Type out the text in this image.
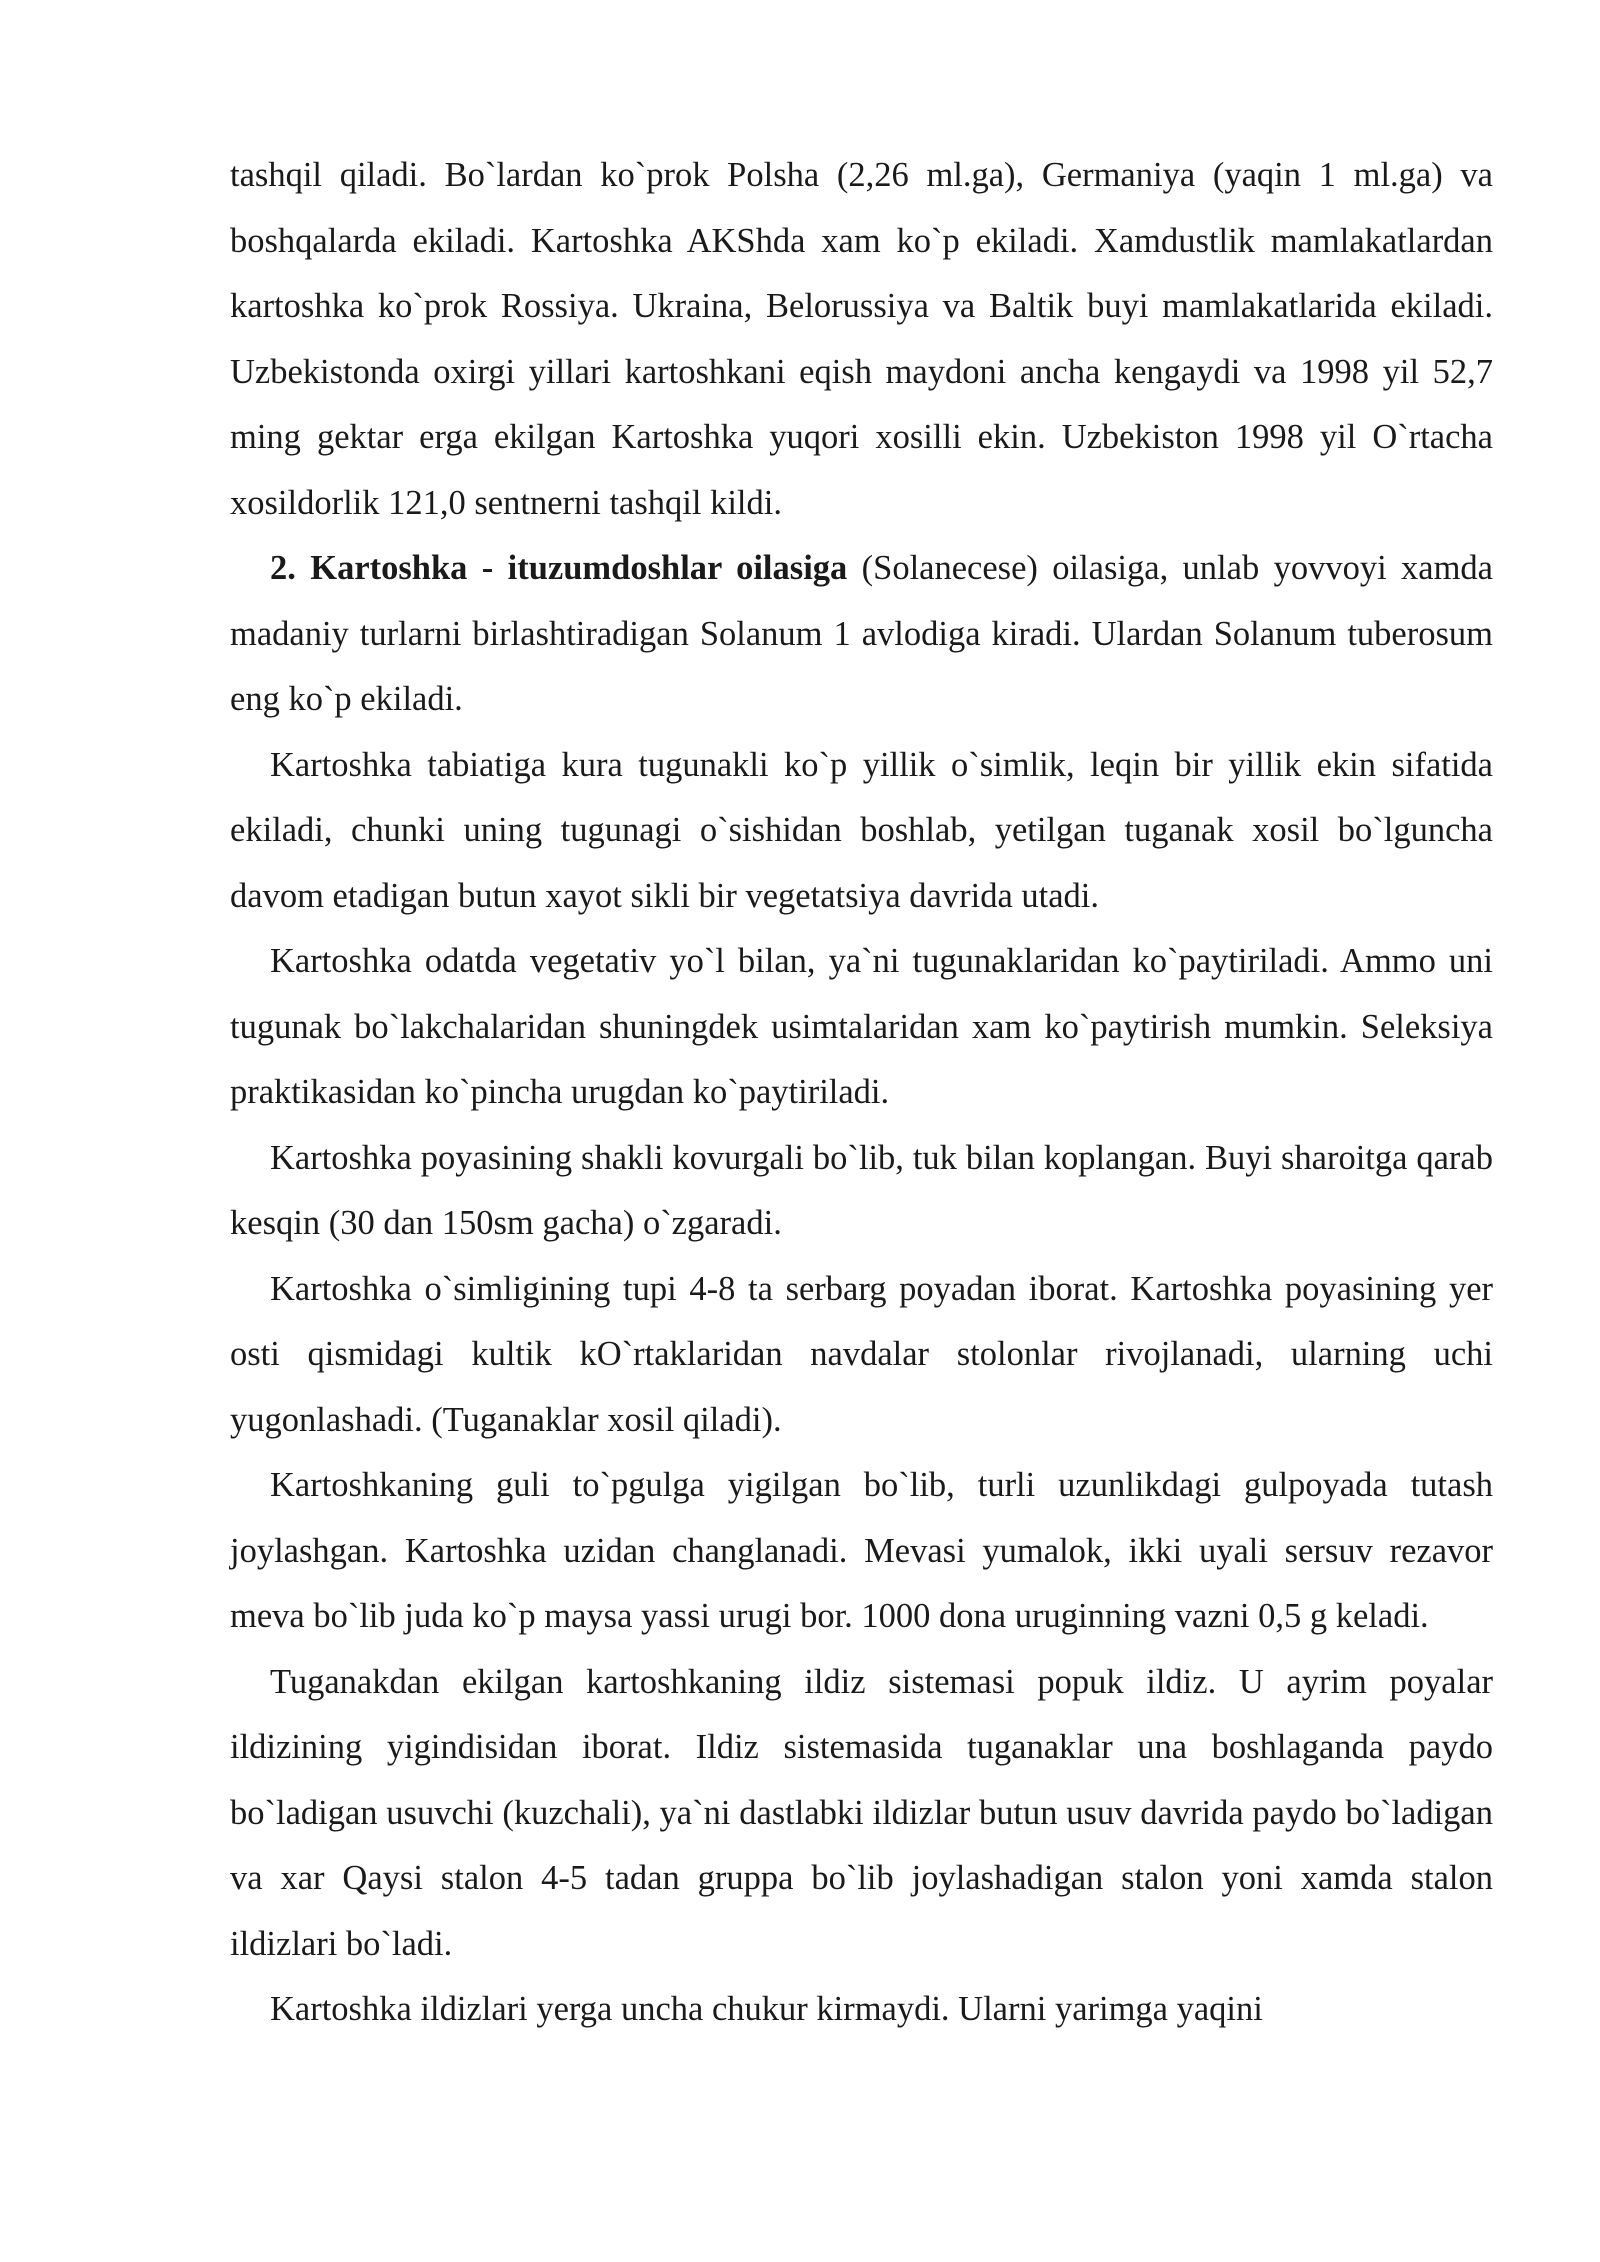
tashqil qiladi. Bo`lardan ko`prok Polsha (2,26 ml.ga), Germaniya (yaqin 1 ml.ga) va boshqalarda ekiladi. Kartoshka AKShda xam ko`p ekiladi. Xamdustlik mamlakatlardan kartoshka ko`prok Rossiya. Ukraina, Belorussiya va Baltik buyi mamlakatlarida ekiladi. Uzbekistonda oxirgi yillari kartoshkani eqish maydoni ancha kengaydi va 1998 yil 52,7 ming gektar erga ekilgan Kartoshka yuqori xosilli ekin. Uzbekiston 1998 yil O`rtacha xosildorlik 121,0 sentnerni tashqil kildi.

2. Kartoshka - ituzumdoshlar oilasiga (Solanecese) oilasiga, unlab yovvoyi xamda madaniy turlarni birlashtiradigan Solanum 1 avlodiga kiradi. Ulardan Solanum tuberosum eng ko`p ekiladi.

Kartoshka tabiatiga kura tugunakli ko`p yillik o`simlik, leqin bir yillik ekin sifatida ekiladi, chunki uning tugunagi o`sishidan boshlab, yetilgan tuganak xosil bo`lguncha davom etadigan butun xayot sikli bir vegetatsiya davrida utadi.

Kartoshka odatda vegetativ yo`l bilan, ya`ni tugunaklaridan ko`paytiriladi. Ammo uni tugunak bo`lakchalaridan shuningdek usimtalaridan xam ko`paytirish mumkin. Seleksiya praktikasidan ko`pincha urugdan ko`paytiriladi.

Kartoshka poyasining shakli kovurgali bo`lib, tuk bilan koplangan. Buyi sharoitga qarab kesqin (30 dan 150sm gacha) o`zgaradi.

Kartoshka o`simligining tupi 4-8 ta serbarg poyadan iborat. Kartoshka poyasining yer osti qismidagi kultik kO`rtaklaridan navdalar stolonlar rivojlanadi, ularning uchi yugonlashadi. (Tuganaklar xosil qiladi).

Kartoshkaning guli to`pgulga yigilgan bo`lib, turli uzunlikdagi gulpoyada tutash joylashgan. Kartoshka uzidan changlanadi. Mevasi yumalok, ikki uyali sersuv rezavor meva bo`lib juda ko`p maysa yassi urugi bor. 1000 dona uruginning vazni 0,5 g keladi.

Tuganakdan ekilgan kartoshkaning ildiz sistemasi popuk ildiz. U ayrim poyalar ildizining yigindisidan iborat. Ildiz sistemasida tuganaklar una boshlaganda paydo bo`ladigan usuvchi (kuzchali), ya`ni dastlabki ildizlar butun usuv davrida paydo bo`ladigan va xar Qaysi stalon 4-5 tadan gruppa bo`lib joylashadigan stalon yoni xamda stalon ildizlari bo`ladi.

Kartoshka ildizlari yerga uncha chukur kirmaydi. Ularni yarimga yaqini
